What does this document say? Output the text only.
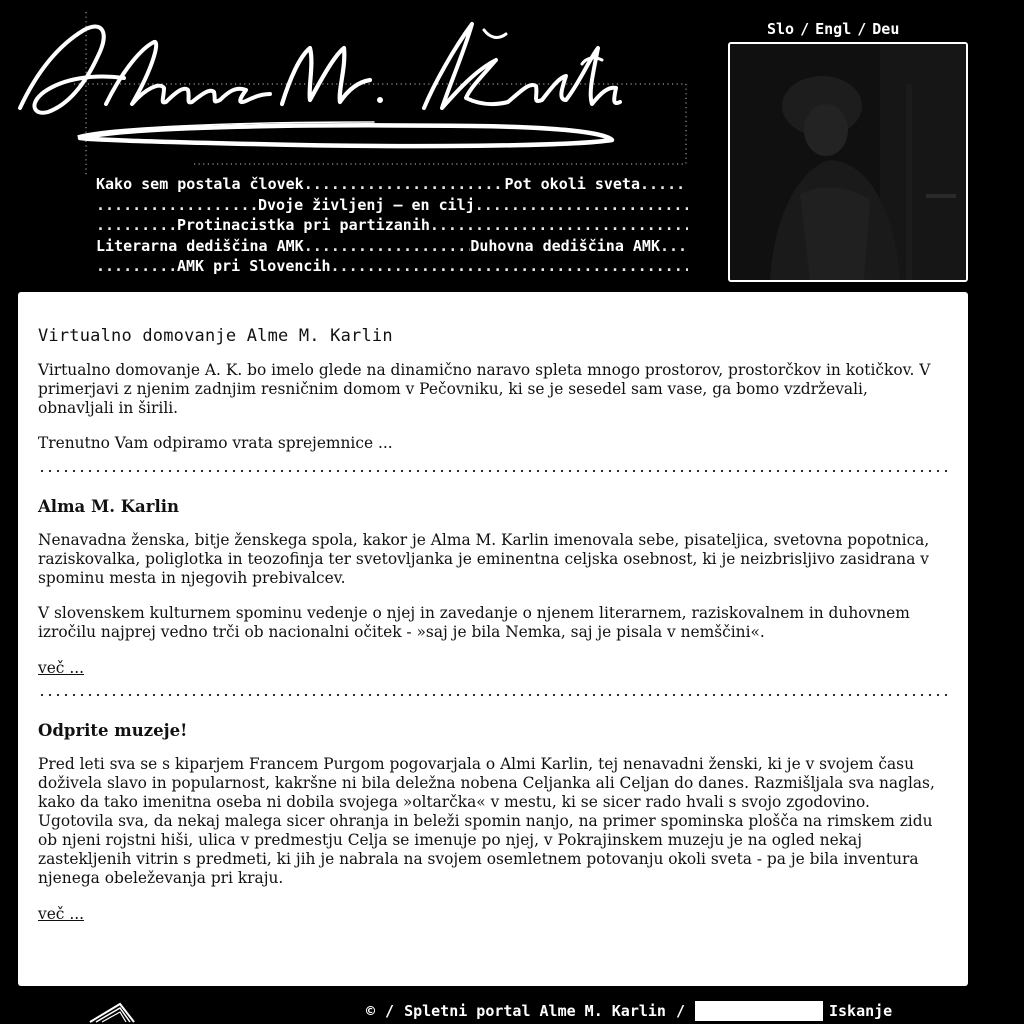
Slo / Engl / Deu
Kako sem postala človek .....	Pot okoli sveta
.....
.....
Dvoje življenj – en cilj
.....
.....
Protinacistka pri partizanih
.....
Literarna dediščina AMK .....	Duhovna dediščina AMK
.....
.....
AMK pri Slovencih
.....
Virtualno domovanje Alme M. Karlin

Virtualno domovanje A. K. bo imelo glede na dinamično naravo spleta mnogo prostorov, prostorčkov in kotičkov. V primerjavi z njenim zadnjim resničnim domom v Pečovniku, ki se je sesedel sam vase, ga bomo vzdrževali, obnavljali in širili.

Trenutno Vam odpiramo vrata sprejemnice ...

Alma M. Karlin

Nenavadna ženska, bitje ženskega spola, kakor je Alma M. Karlin imenovala sebe, pisateljica, svetovna popotnica, raziskovalka, poliglotka in teozofinja ter svetovljanka je eminentna celjska osebnost, ki je neizbrisljivo zasidrana v spominu mesta in njegovih prebivalcev.

V slovenskem kulturnem spominu vedenje o njej in zavedanje o njenem literarnem, raziskovalnem in duhovnem izročilu najprej vedno trči ob nacionalni očitek - »saj je bila Nemka, saj je pisala v nemščini«.

več ...
Odprite muzeje!

Pred leti sva se s kiparjem Francem Purgom pogovarjala o Almi Karlin, tej nenavadni ženski, ki je v svojem času doživela slavo in popularnost, kakršne ni bila deležna nobena Celjanka ali Celjan do danes. Razmišljala sva naglas, kako da tako imenitna oseba ni dobila svojega »oltarčka« v mestu, ki se sicer rado hvali s svojo zgodovino. Ugotovila sva, da nekaj malega sicer ohranja in beleži spomin nanjo, na primer spominska plošča na rimskem zidu ob njeni rojstni hiši, ulica v predmestju Celja se imenuje po njej, v Pokrajinskem muzeju je na ogled nekaj zastekljenih vitrin s predmeti, ki jih je nabrala na svojem osemletnem potovanju okoli sveta - pa je bila inventura njenega obeleževanja pri kraju.

več ...
© / Spletni portal Alme M. Karlin /	Iskanje
